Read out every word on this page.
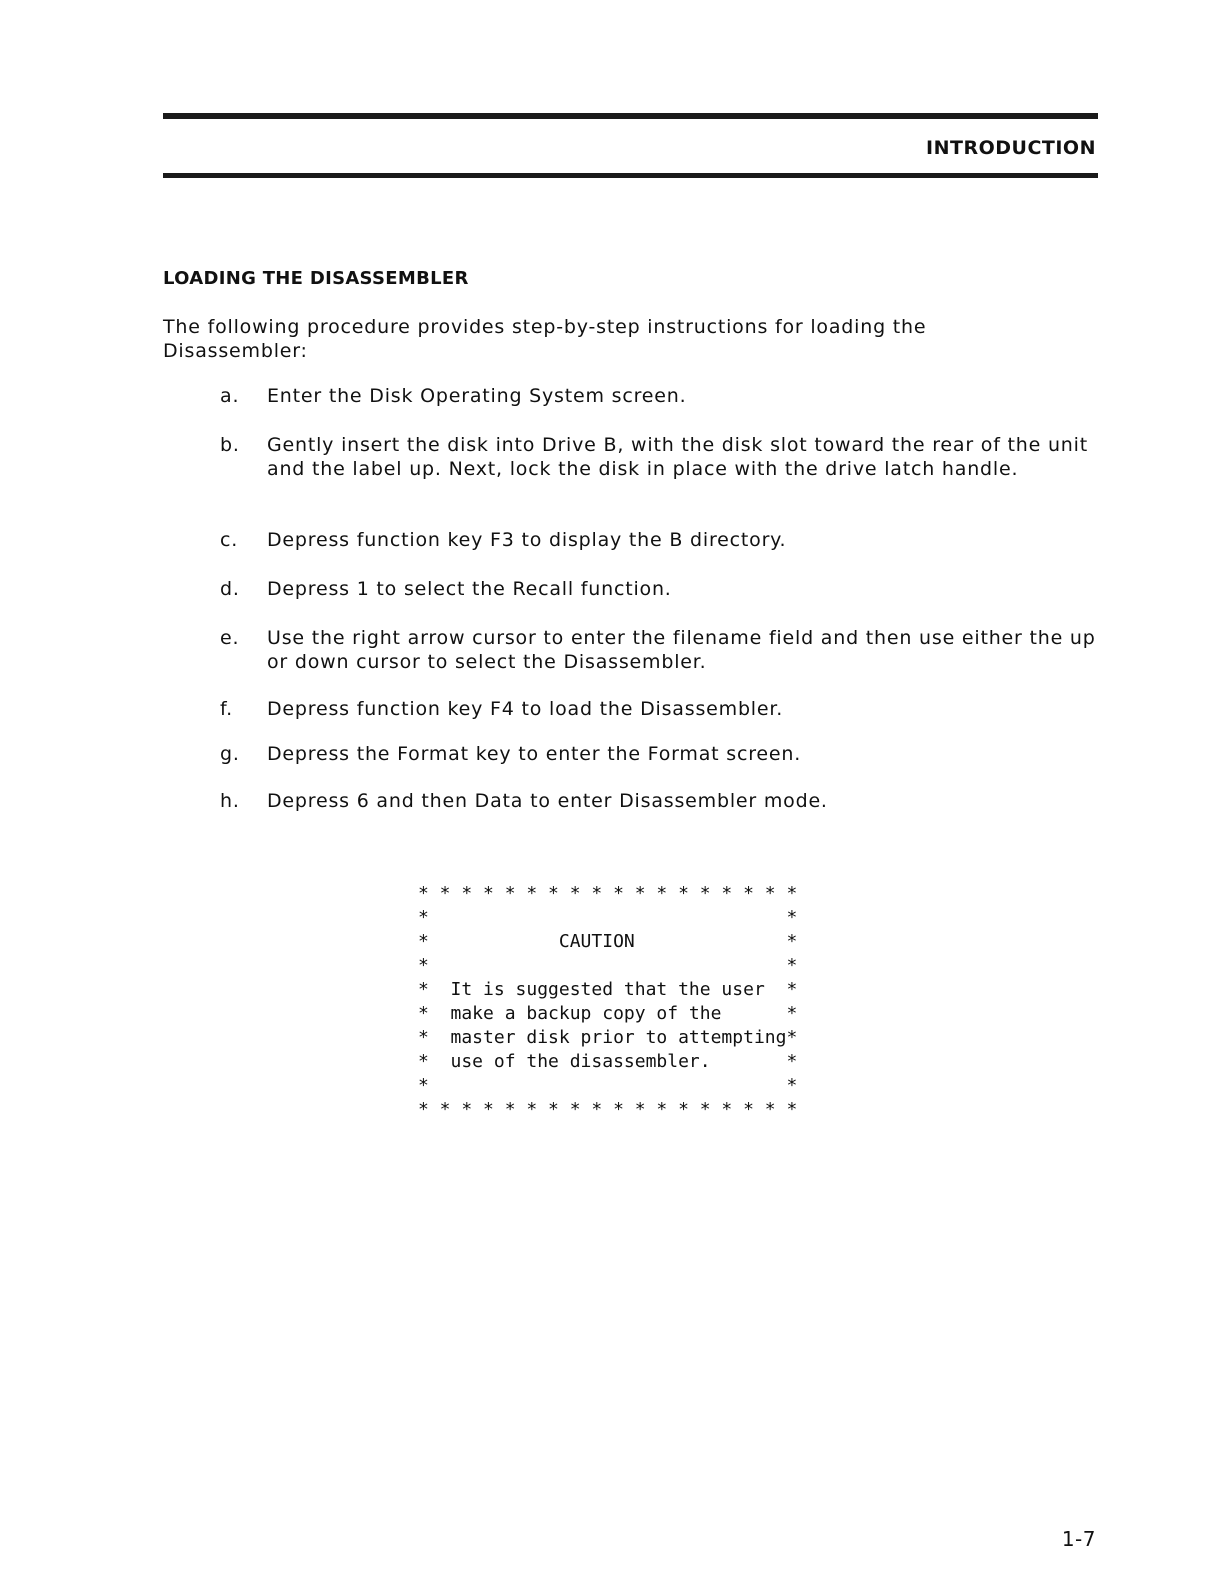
INTRODUCTION
LOADING THE DISASSEMBLER
The following procedure provides step-by-step instructions for loading the Disassembler:
a. Enter the Disk Operating System screen.
b. Gently insert the disk into Drive B, with the disk slot toward the rear of the unit and the label up. Next, lock the disk in place with the drive latch handle.
c. Depress function key F3 to display the B directory.
d. Depress 1 to select the Recall function.
e. Use the right arrow cursor to enter the filename field and then use either the up or down cursor to select the Disassembler.
f. Depress function key F4 to load the Disassembler.
g. Depress the Format key to enter the Format screen.
h. Depress 6 and then Data to enter Disassembler mode.
* * * * * * * * * * * * * * * * * *
*                                 *
*            CAUTION              *
*                                 *
*  It is suggested that the user  *
*  make a backup copy of the      *
*  master disk prior to attempting*
*  use of the disassembler.       *
*                                 *
* * * * * * * * * * * * * * * * * *
1-7
